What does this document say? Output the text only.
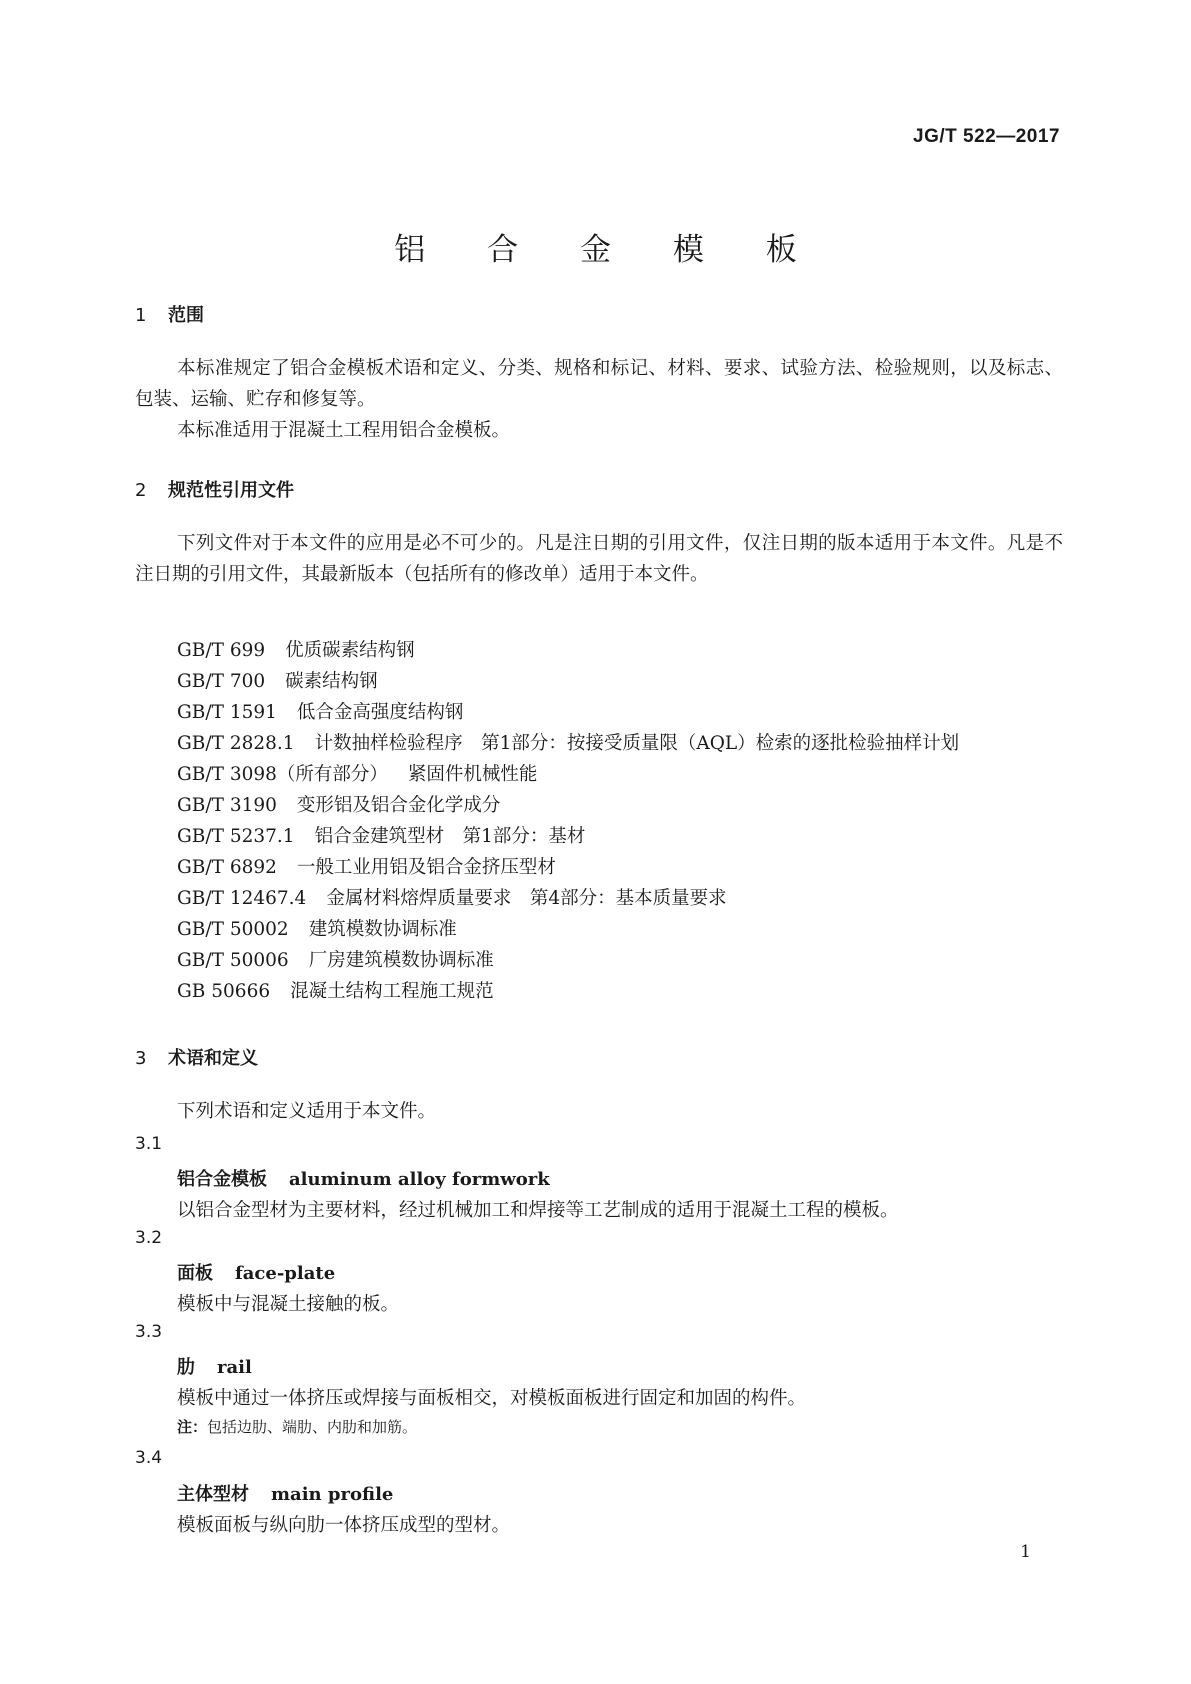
JG/T 522—2017
铝 合 金 模 板
1 范围

本标准规定了铝合金模板术语和定义、分类、规格和标记、材料、要求、试验方法、检验规则，以及标志、包装、运输、贮存和修复等。

本标准适用于混凝土工程用铝合金模板。

2 规范性引用文件

下列文件对于本文件的应用是必不可少的。凡是注日期的引用文件，仅注日期的版本适用于本文件。凡是不注日期的引用文件，其最新版本（包括所有的修改单）适用于本文件。

GB/T 699 优质碳素结构钢
GB/T 700 碳素结构钢
GB/T 1591 低合金高强度结构钢
GB/T 2828.1 计数抽样检验程序　第1部分：按接受质量限（AQL）检索的逐批检验抽样计划
GB/T 3098（所有部分） 紧固件机械性能
GB/T 3190 变形铝及铝合金化学成分
GB/T 5237.1 铝合金建筑型材　第1部分：基材
GB/T 6892 一般工业用铝及铝合金挤压型材
GB/T 12467.4 金属材料熔焊质量要求　第4部分：基本质量要求
GB/T 50002 建筑模数协调标准
GB/T 50006 厂房建筑模数协调标准
GB 50666 混凝土结构工程施工规范
3 术语和定义

下列术语和定义适用于本文件。

3.1
铝合金模板 aluminum alloy formwork
以铝合金型材为主要材料，经过机械加工和焊接等工艺制成的适用于混凝土工程的模板。
3.2
面板 face-plate
模板中与混凝土接触的板。
3.3
肋 rail
模板中通过一体挤压或焊接与面板相交，对模板面板进行固定和加固的构件。
注：包括边肋、端肋、内肋和加筋。
3.4
主体型材 main profile
模板面板与纵向肋一体挤压成型的型材。
1
